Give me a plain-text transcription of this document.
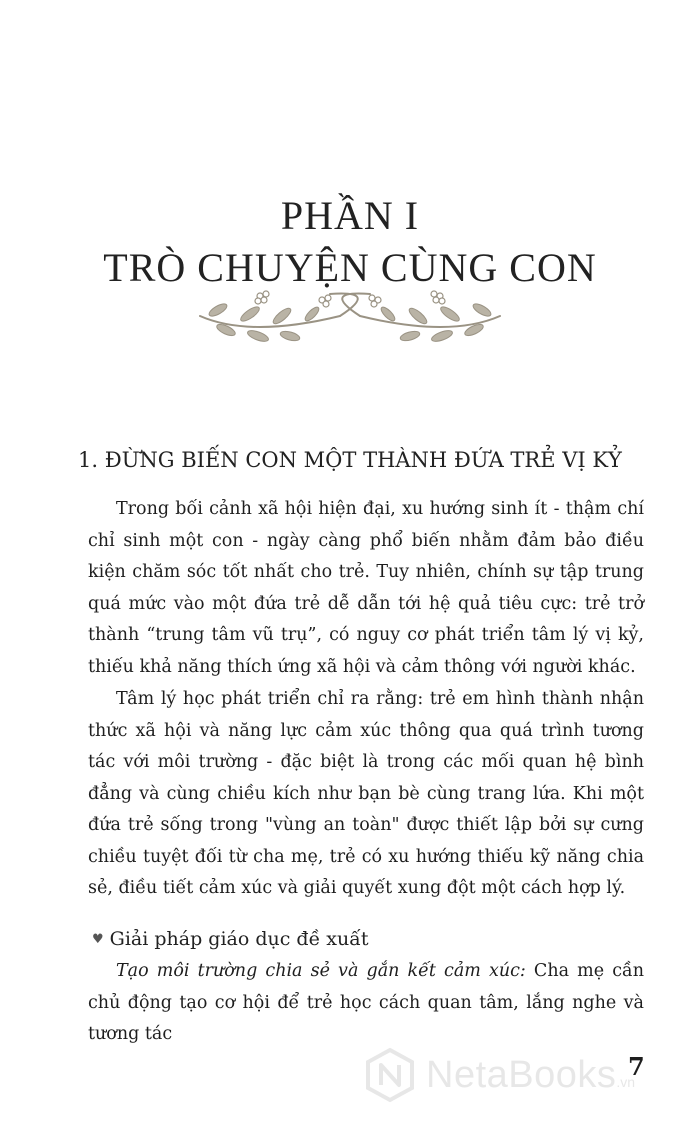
PHẦN I
TRÒ CHUYỆN CÙNG CON
1. ĐỪNG BIẾN CON MỘT THÀNH ĐỨA TRẺ VỊ KỶ

Trong bối cảnh xã hội hiện đại, xu hướng sinh ít - thậm chí chỉ sinh một con - ngày càng phổ biến nhằm đảm bảo điều kiện chăm sóc tốt nhất cho trẻ. Tuy nhiên, chính sự tập trung quá mức vào một đứa trẻ dễ dẫn tới hệ quả tiêu cực: trẻ trở thành “trung tâm vũ trụ”, có nguy cơ phát triển tâm lý vị kỷ, thiếu khả năng thích ứng xã hội và cảm thông với người khác.

Tâm lý học phát triển chỉ ra rằng: trẻ em hình thành nhận thức xã hội và năng lực cảm xúc thông qua quá trình tương tác với môi trường - đặc biệt là trong các mối quan hệ bình đẳng và cùng chiều kích như bạn bè cùng trang lứa. Khi một đứa trẻ sống trong "vùng an toàn" được thiết lập bởi sự cưng chiều tuyệt đối từ cha mẹ, trẻ có xu hướng thiếu kỹ năng chia sẻ, điều tiết cảm xúc và giải quyết xung đột một cách hợp lý.

♥ Giải pháp giáo dục đề xuất

Tạo môi trường chia sẻ và gắn kết cảm xúc: Cha mẹ cần chủ động tạo cơ hội để trẻ học cách quan tâm, lắng nghe và tương tác

7
NetaBooks .vn
